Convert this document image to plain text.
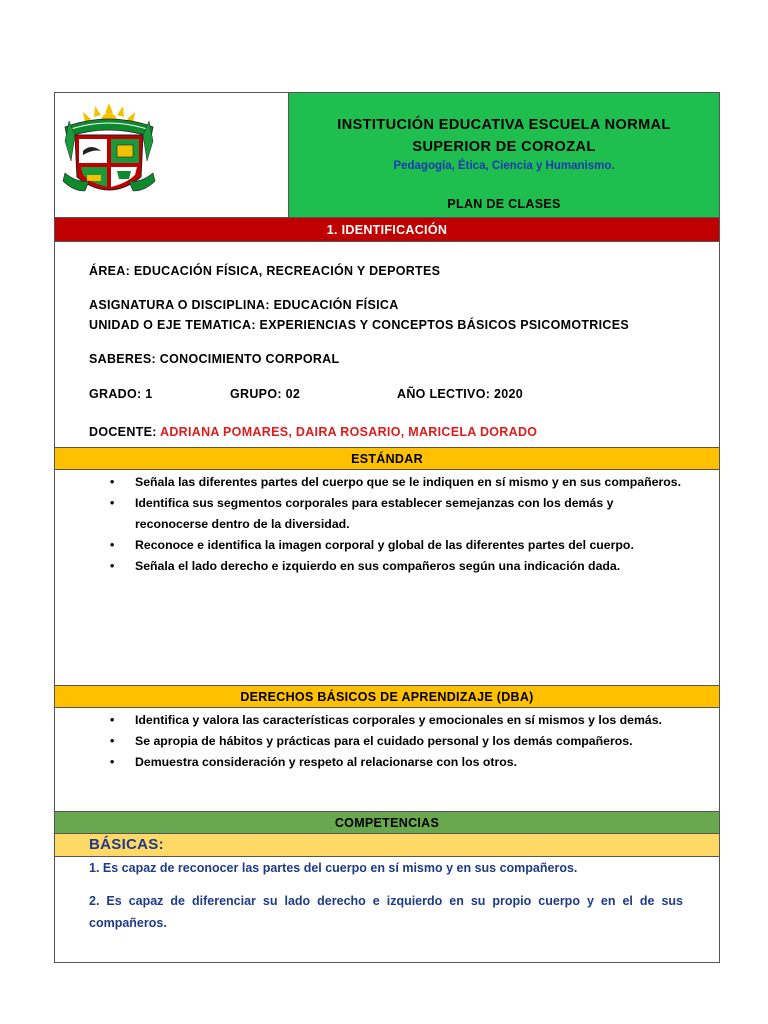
INSTITUCIÓN EDUCATIVA ESCUELA NORMAL
SUPERIOR DE COROZAL
Pedagogía, Ética, Ciencia y Humanismo.
PLAN DE CLASES
1. IDENTIFICACIÓN
ÁREA: EDUCACIÓN FÍSICA, RECREACIÓN Y DEPORTES
ASIGNATURA O DISCIPLINA: EDUCACIÓN FÍSICA
UNIDAD O EJE TEMATICA: EXPERIENCIAS Y CONCEPTOS BÁSICOS PSICOMOTRICES
SABERES: CONOCIMIENTO CORPORAL
GRADO: 1	GRUPO: 02	AÑO LECTIVO: 2020
DOCENTE: ADRIANA POMARES, DAIRA ROSARIO, MARICELA DORADO
ESTÁNDAR
• Señala las diferentes partes del cuerpo que se le indiquen en sí mismo y en sus compañeros.
• Identifica sus segmentos corporales para establecer semejanzas con los demás y reconocerse dentro de la diversidad.
• Reconoce e identifica la imagen corporal y global de las diferentes partes del cuerpo.
• Señala el lado derecho e izquierdo en sus compañeros según una indicación dada.
DERECHOS BÁSICOS DE APRENDIZAJE (DBA)
• Identifica y valora las características corporales y emocionales en sí mismos y los demás.
• Se apropia de hábitos y prácticas para el cuidado personal y los demás compañeros.
• Demuestra consideración y respeto al relacionarse con los otros.
COMPETENCIAS
BÁSICAS:
1. Es capaz de reconocer las partes del cuerpo en sí mismo y en sus compañeros.
2. Es capaz de diferenciar su lado derecho e izquierdo en su propio cuerpo y en el de sus compañeros.
